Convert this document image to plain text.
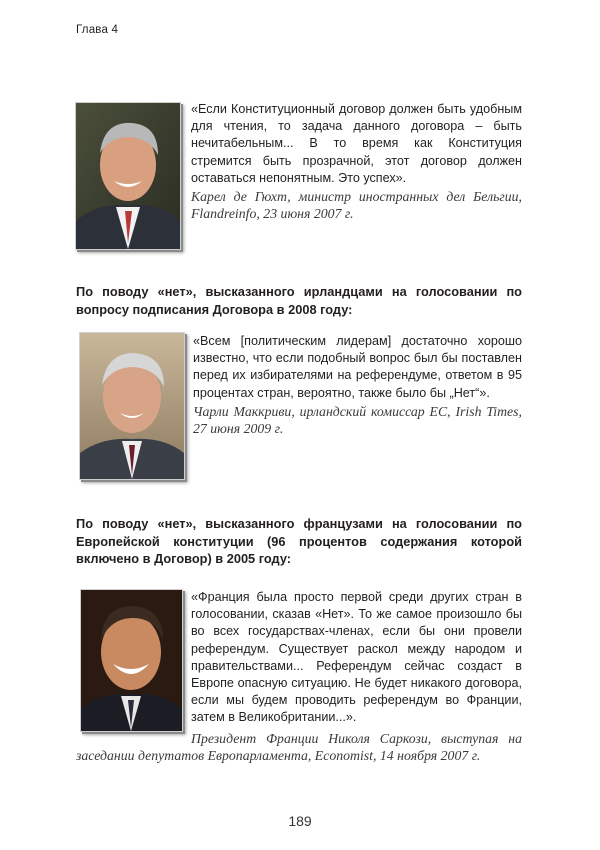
Глава 4
«Если Конституционный договор должен быть удобным для чтения, то задача данного договора – быть нечитабельным... В то время как Конституция стремится быть прозрачной, этот договор должен оставаться непонятным. Это успех».
Карел де Гюхт, министр иностранных дел Бельгии, Flandreinfo, 23 июня 2007 г.
По поводу «нет», высказанного ирландцами на голосовании по вопросу подписания Договора в 2008 году:
«Всем [политическим лидерам] достаточно хорошо известно, что если подобный вопрос был бы поставлен перед их избирателями на референдуме, ответом в 95 процентах стран, вероятно, также было бы „Нет“».
Чарли Маккриви, ирландский комиссар ЕС, Irish Times, 27 июня 2009 г.
По поводу «нет», высказанного французами на голосовании по Европейской конституции (96 процентов содержания которой включено в Договор) в 2005 году:
«Франция была просто первой среди других стран в голосовании, сказав «Нет». То же самое произошло бы во всех государствах-членах, если бы они провели референдум. Существует раскол между народом и правительствами... Референдум сейчас создаст в Европе опасную ситуацию. Не будет никакого договора, если мы будем проводить референдум во Франции, затем в Великобритании...».
Президент Франции Николя Саркози, выступая на заседании депутатов Европарламента, Economist, 14 ноября 2007 г.
189
